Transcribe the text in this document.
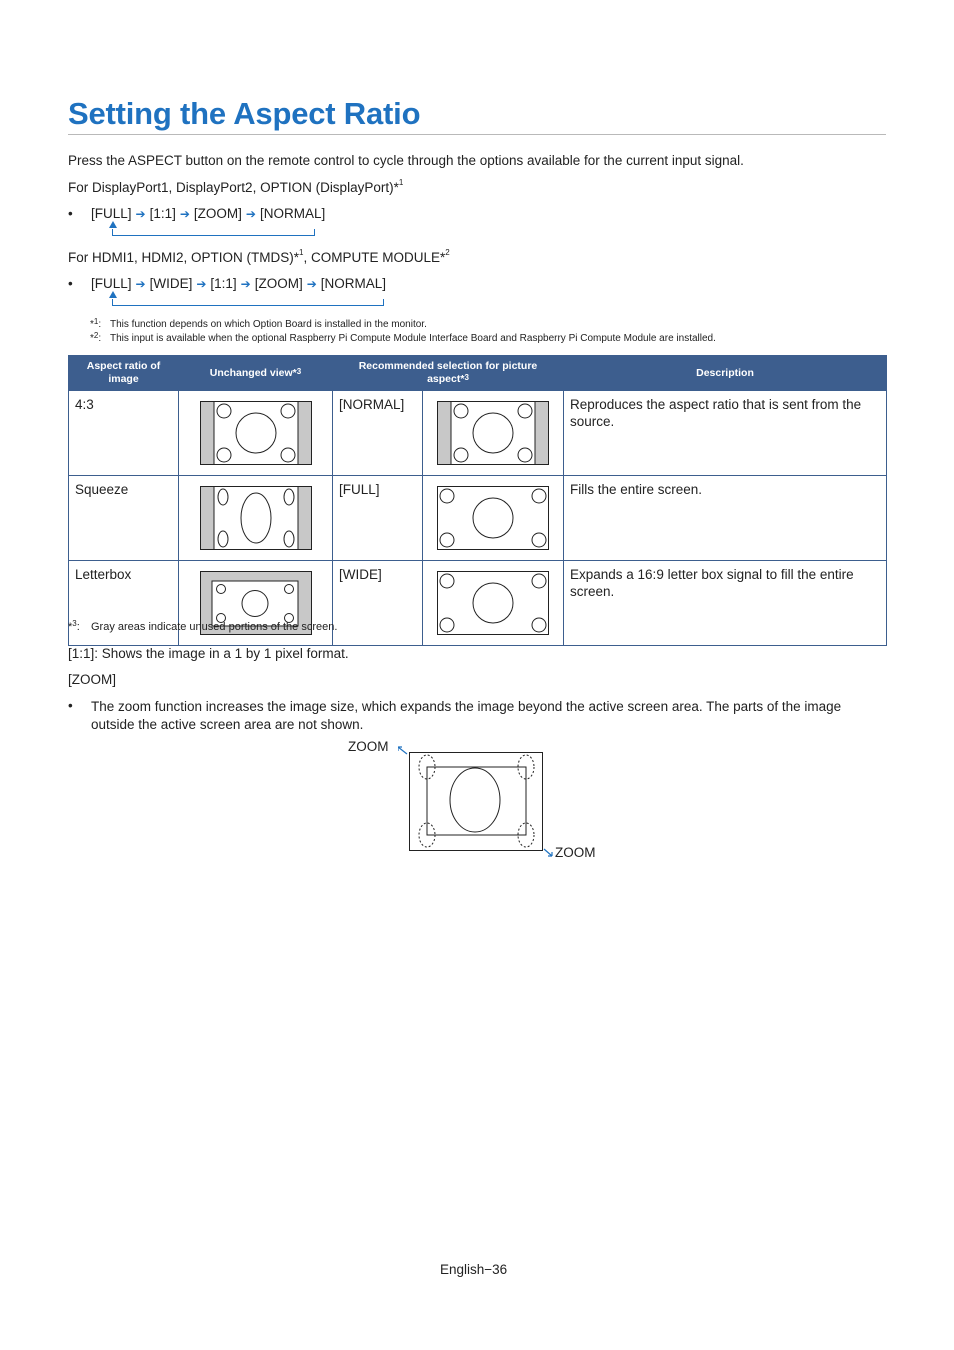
Setting the Aspect Ratio
Press the ASPECT button on the remote control to cycle through the options available for the current input signal.
For DisplayPort1, DisplayPort2, OPTION (DisplayPort)*$^1$
• [FULL] ➔ [1:1] ➔ [ZOOM] ➔ [NORMAL]
For HDMI1, HDMI2, OPTION (TMDS)*$^1$, COMPUTE MODULE*$^2$
• [FULL] ➔ [WIDE] ➔ [1:1] ➔ [ZOOM] ➔ [NORMAL]
*$^1$: This function depends on which Option Board is installed in the monitor.
*$^2$: This input is available when the optional Raspberry Pi Compute Module Interface Board and Raspberry Pi Compute Module are installed.
Aspect ratio of image	Unchanged view*$^3$	Recommended selection for picture aspect*$^3$		Description
4:3		[NORMAL]		Reproduces the aspect ratio that is sent from the source.
Squeeze		[FULL]		Fills the entire screen.
Letterbox		[WIDE]		Expands a 16:9 letter box signal to fill the entire screen.
*$^3$: Gray areas indicate unused portions of the screen.
[1:1]: Shows the image in a 1 by 1 pixel format.
[ZOOM]
• The zoom function increases the image size, which expands the image beyond the active screen area. The parts of the image outside the active screen area are not shown.
ZOOM
ZOOM
English−36
